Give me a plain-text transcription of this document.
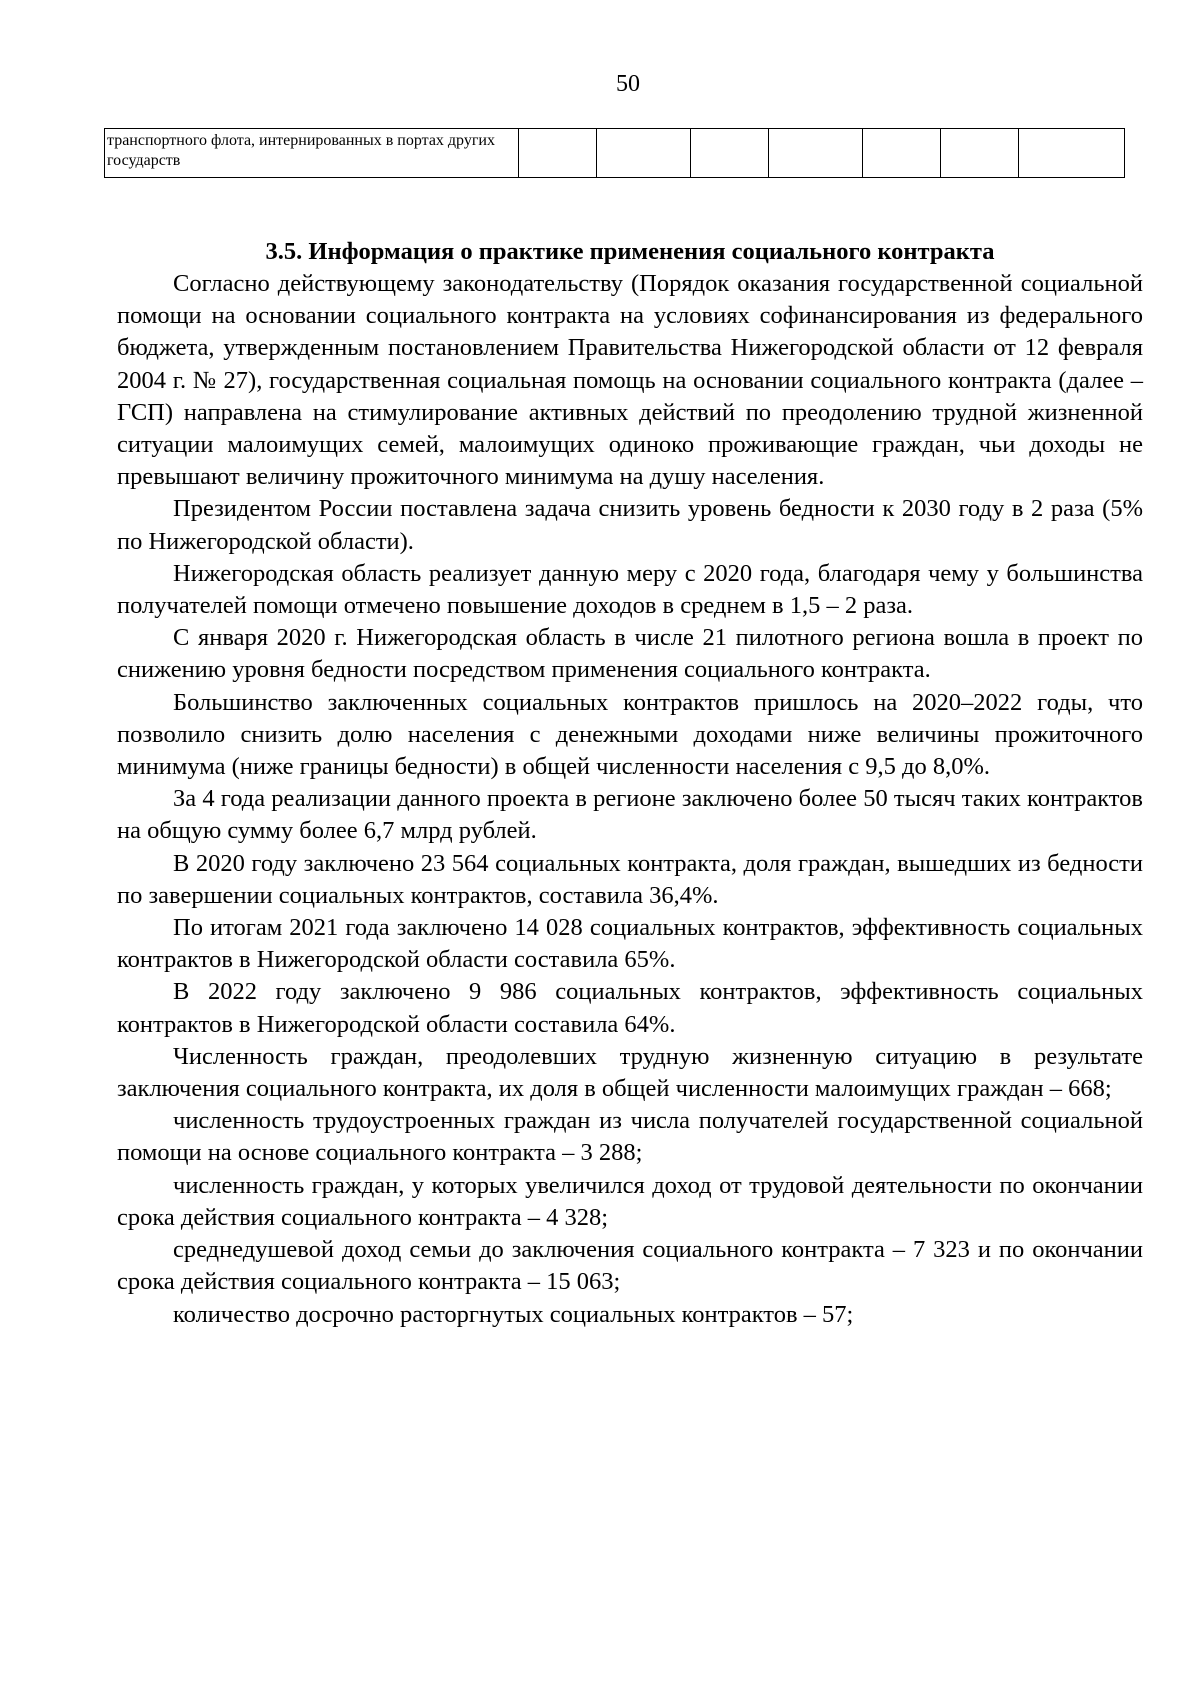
50
транспортного флота, интернированных в портах других государств							

3.5. Информация о практике применения социального контракта

Согласно действующему законодательству (Порядок оказания государственной социальной помощи на основании социального контракта на условиях софинансирования из федерального бюджета, утвержденным постановлением Правительства Нижегородской области от 12 февраля 2004 г. № 27), государственная социальная помощь на основании социального контракта (далее – ГСП) направлена на стимулирование активных действий по преодолению трудной жизненной ситуации малоимущих семей, малоимущих одиноко проживающие граждан, чьи доходы не превышают величину прожиточного минимума на душу населения.

Президентом России поставлена задача снизить уровень бедности к 2030 году в 2 раза (5% по Нижегородской области).

Нижегородская область реализует данную меру с 2020 года, благодаря чему у большинства получателей помощи отмечено повышение доходов в среднем в 1,5 – 2 раза.

С января 2020 г. Нижегородская область в числе 21 пилотного региона вошла в проект по снижению уровня бедности посредством применения социального контракта.

Большинство заключенных социальных контрактов пришлось на 2020–2022 годы, что позволило снизить долю населения с денежными доходами ниже величины прожиточного минимума (ниже границы бедности) в общей численности населения с 9,5 до 8,0%.

За 4 года реализации данного проекта в регионе заключено более 50 тысяч таких контрактов на общую сумму более 6,7 млрд рублей.

В 2020 году заключено 23 564 социальных контракта, доля граждан, вышедших из бедности по завершении социальных контрактов, составила 36,4%.

По итогам 2021 года заключено 14 028 социальных контрактов, эффективность социальных контрактов в Нижегородской области составила 65%.

В 2022 году заключено 9 986 социальных контрактов, эффективность социальных контрактов в Нижегородской области составила 64%.

Численность граждан, преодолевших трудную жизненную ситуацию в результате заключения социального контракта, их доля в общей численности малоимущих граждан – 668;

численность трудоустроенных граждан из числа получателей государственной социальной помощи на основе социального контракта – 3 288;

численность граждан, у которых увеличился доход от трудовой деятельности по окончании срока действия социального контракта – 4 328;

среднедушевой доход семьи до заключения социального контракта – 7 323 и по окончании срока действия социального контракта – 15 063;

количество досрочно расторгнутых социальных контрактов – 57;
